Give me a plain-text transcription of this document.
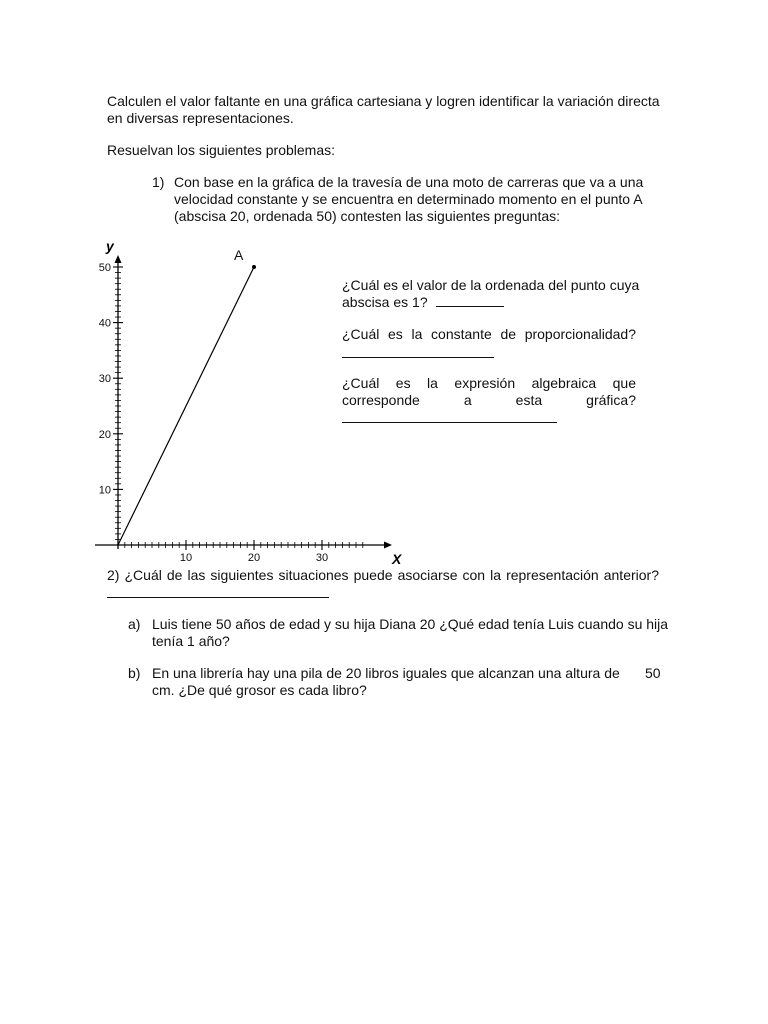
Calculen el valor faltante en una gráfica cartesiana y logren identificar la variación directa
en diversas representaciones.
Resuelvan los siguientes problemas:
1) Con base en la gráfica de la travesía de una moto de carreras que va a una
velocidad constante y se encuentra en determinado momento en el punto A
(abscisa 20, ordenada 50) contesten las siguientes preguntas:
¿Cuál es el valor de la ordenada del punto cuya
abscisa es 1?
¿Cuál es la constante de proporcionalidad?
¿Cuál es la expresión algebraica que
corresponde a esta gráfica?
10
20
30
40
50
10	20	30
y
X
A
2) ¿Cuál de las siguientes situaciones puede asociarse con la representación anterior?
a) Luis tiene 50 años de edad y su hija Diana 20 ¿Qué edad tenía Luis cuando su hija
tenía 1 año?
b) En una librería hay una pila de 20 libros iguales que alcanzan una altura de 50
cm. ¿De qué grosor es cada libro?
